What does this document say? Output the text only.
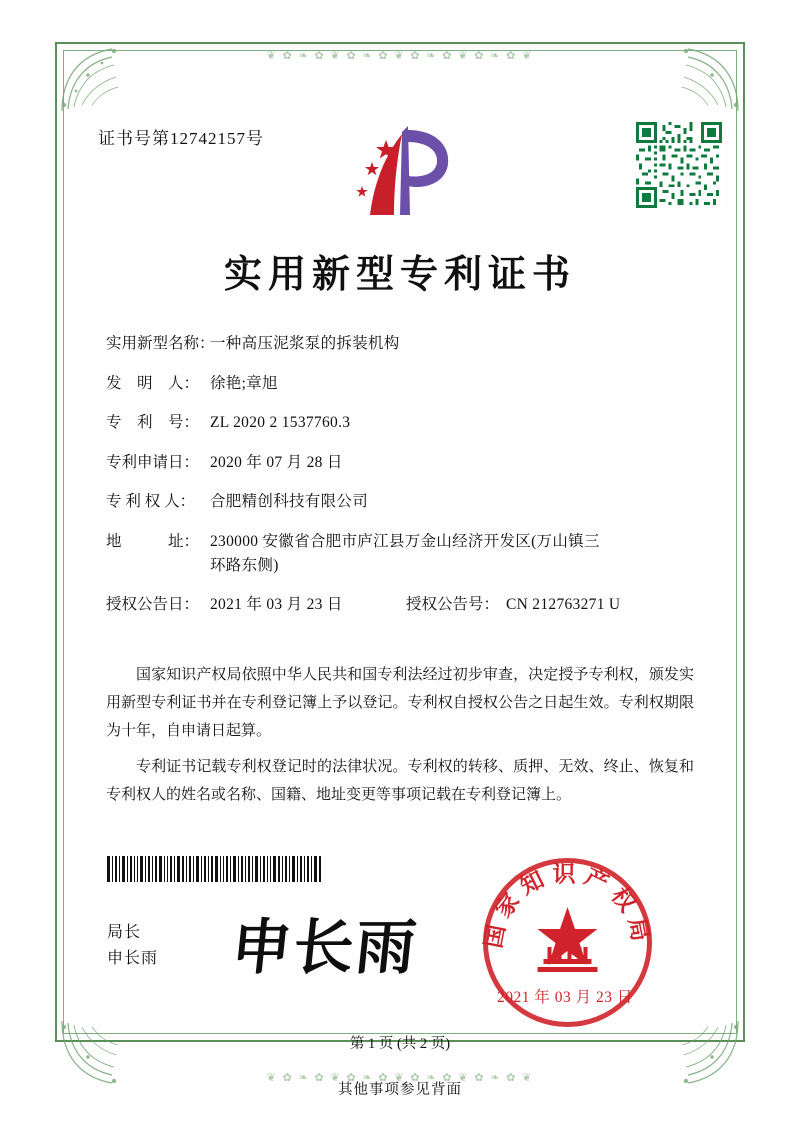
❦ ✿ ❧ ✿ ❦ ✿ ❧ ✿ ❦ ✿ ❧ ✿ ❦ ✿ ❧ ✿ ❦
❦ ✿ ❧ ✿ ❦ ✿ ❧ ✿ ❦ ✿ ❧ ✿ ❦ ✿ ❧ ✿ ❦
证书号第12742157号
实用新型专利证书
实用新型名称：
一种高压泥浆泵的拆装机构
发　明　人： 徐艳;章旭
专　利　号： ZL 2020 2 1537760.3
专利申请日： 2020 年 07 月 28 日
专 利 权 人： 合肥精创科技有限公司
地　　　址： 230000 安徽省合肥市庐江县万金山经济开发区(万山镇三
环路东侧)
授权公告日： 2021 年 03 月 23 日	授权公告号： CN 212763271 U

国家知识产权局依照中华人民共和国专利法经过初步审查，决定授予专利权，颁发实用新型专利证书并在专利登记簿上予以登记。专利权自授权公告之日起生效。专利权期限为十年，自申请日起算。

专利证书记载专利权登记时的法律状况。专利权的转移、质押、无效、终止、恢复和专利权人的姓名或名称、国籍、地址变更等事项记载在专利登记簿上。

局长
申长雨 申长雨	国家知识产权局
2021 年 03 月 23 日
第 1 页 (共 2 页)
其他事项参见背面
